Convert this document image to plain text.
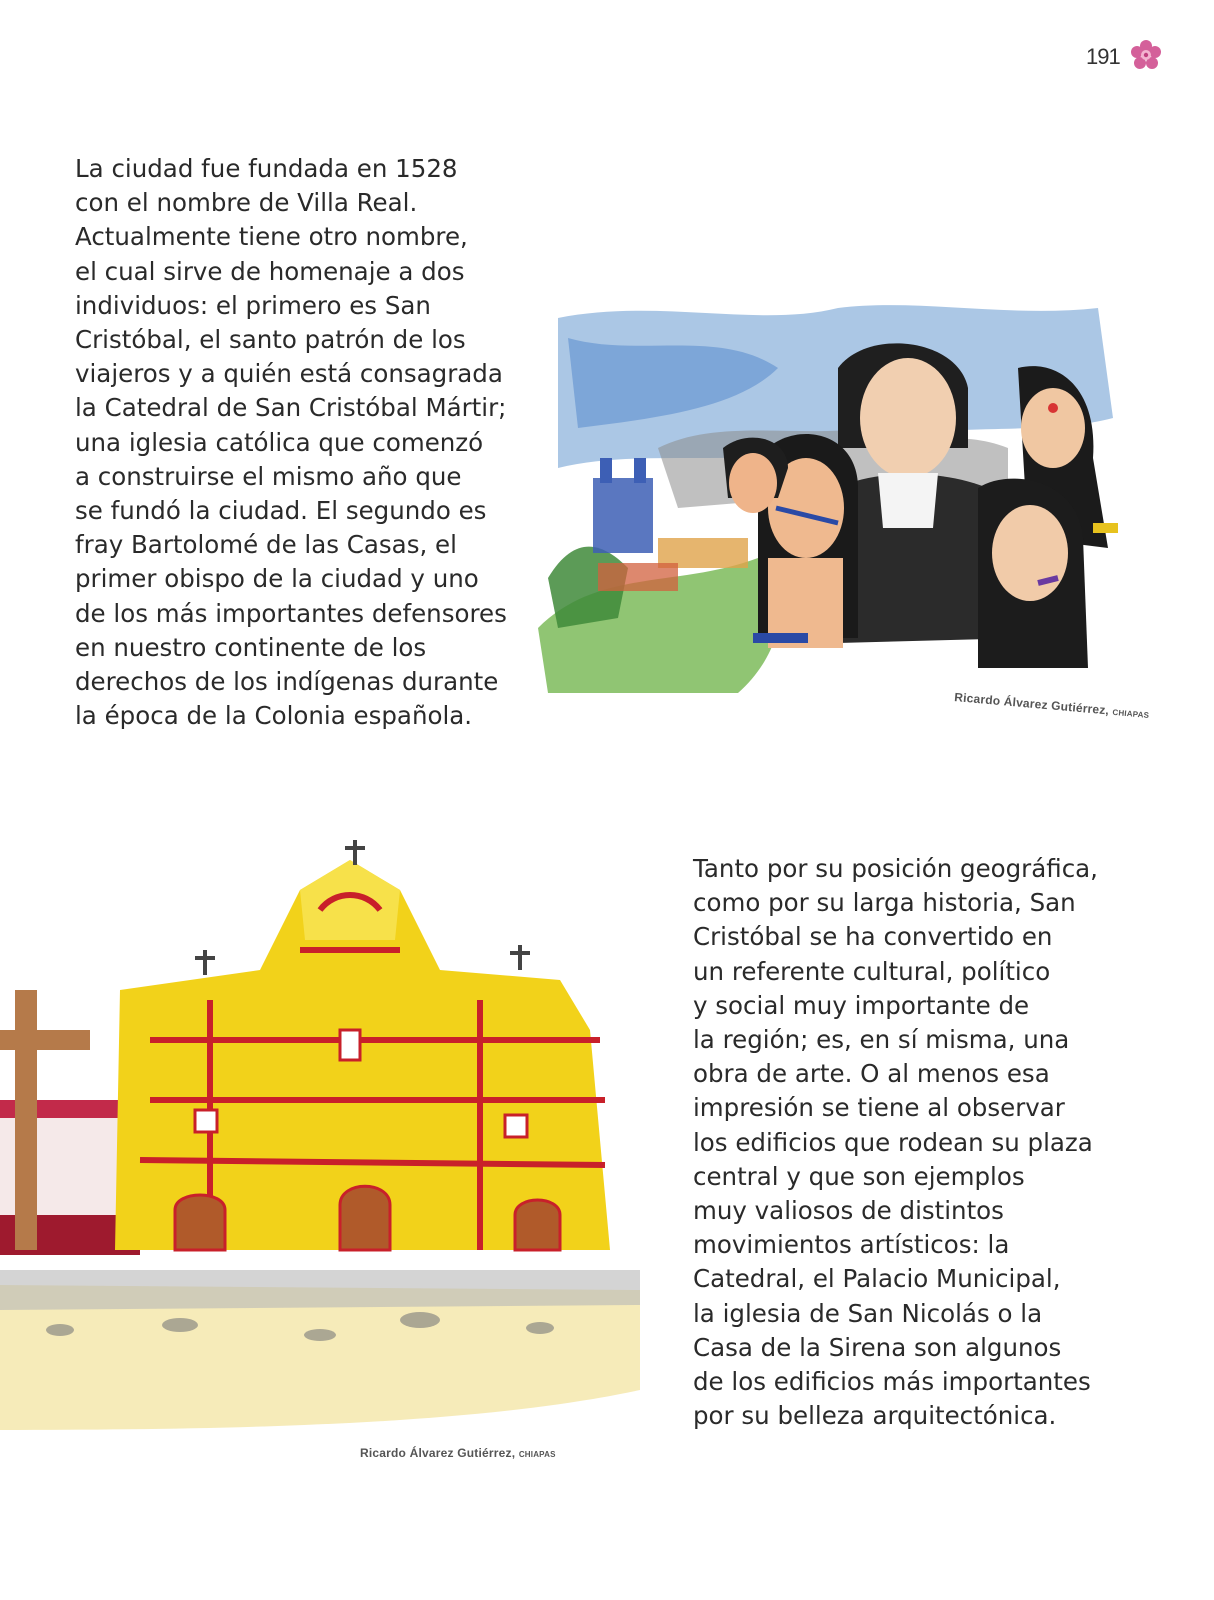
191

La ciudad fue fundada en 1528
con el nombre de Villa Real.
Actualmente tiene otro nombre,
el cual sirve de homenaje a dos
individuos: el primero es San
Cristóbal, el santo patrón de los
viajeros y a quién está consagrada
la Catedral de San Cristóbal Mártir;
una iglesia católica que comenzó
a construirse el mismo año que
se fundó la ciudad. El segundo es
fray Bartolomé de las Casas, el
primer obispo de la ciudad y uno
de los más importantes defensores
en nuestro continente de los
derechos de los indígenas durante
la época de la Colonia española.	Ricardo Álvarez Gutiérrez, CHIAPAS
Ricardo Álvarez Gutiérrez, CHIAPAS

Tanto por su posición geográfica,
como por su larga historia, San
Cristóbal se ha convertido en
un referente cultural, político
y social muy importante de
la región; es, en sí misma, una
obra de arte. O al menos esa
impresión se tiene al observar
los edificios que rodean su plaza
central y que son ejemplos
muy valiosos de distintos
movimientos artísticos: la
Catedral, el Palacio Municipal,
la iglesia de San Nicolás o la
Casa de la Sirena son algunos
de los edificios más importantes
por su belleza arquitectónica.
